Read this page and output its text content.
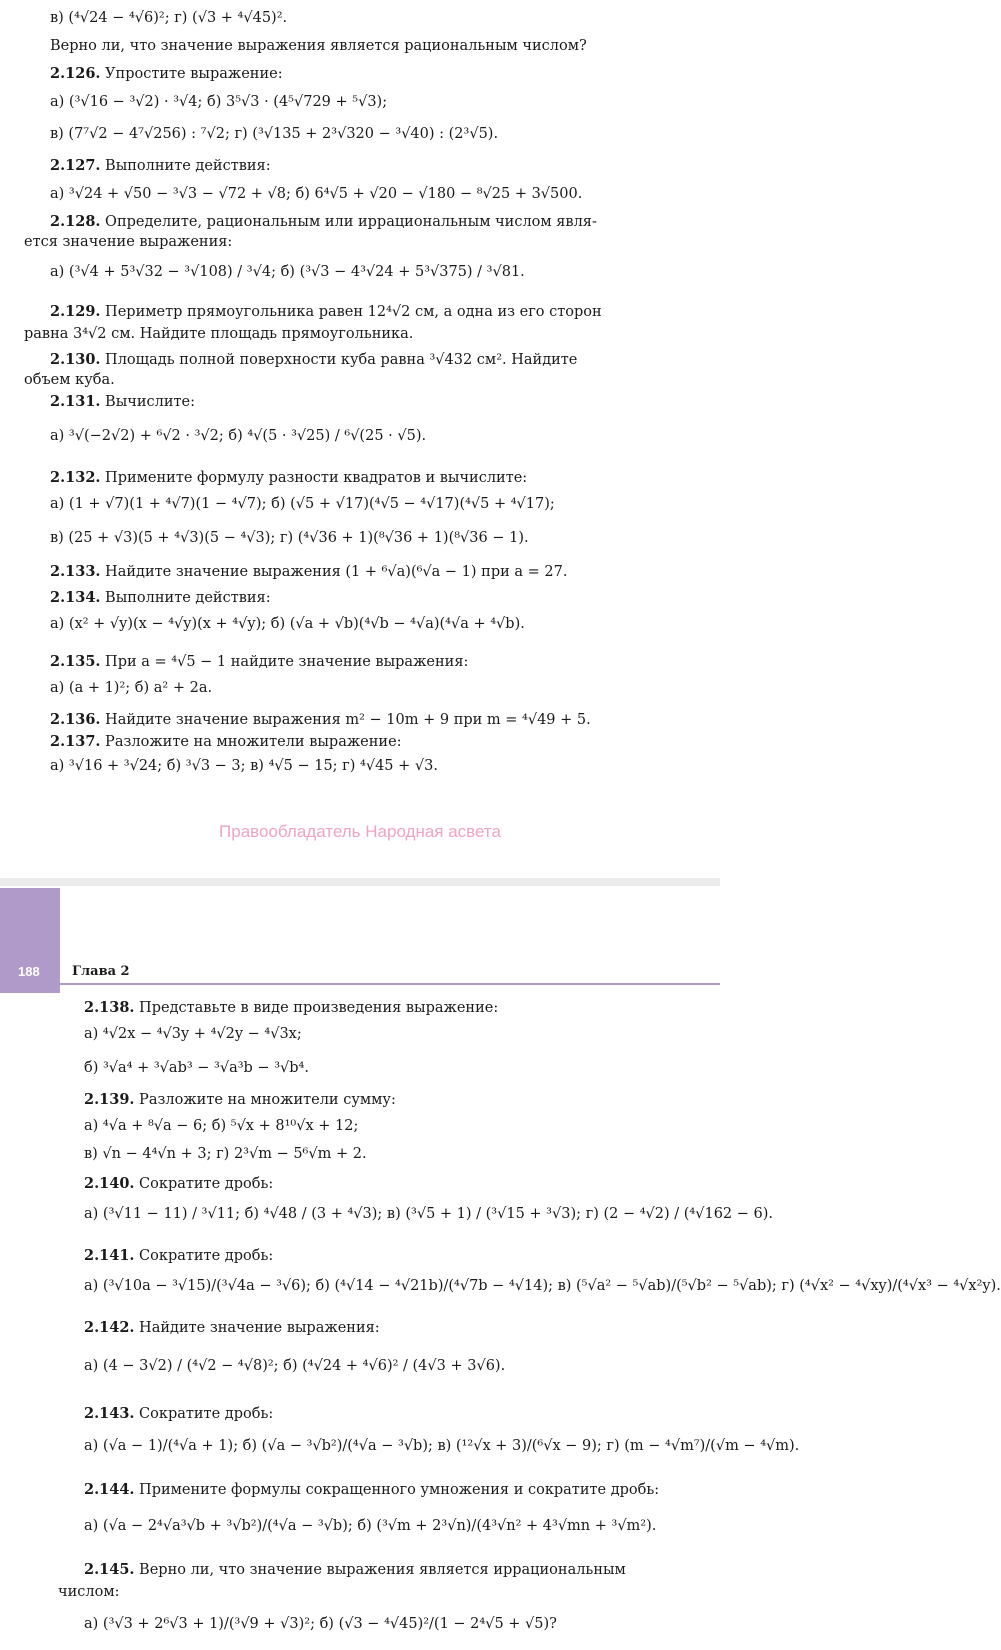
в) (⁴√24 − ⁴√6)²; г) (√3 + ⁴√45)².
Верно ли, что значение выражения является рациональным числом?
2.126. Упростите выражение:
а) (³√16 − ³√2) · ³√4; б) 3⁵√3 · (4⁵√729 + ⁵√3);
в) (7⁷√2 − 4⁷√256) : ⁷√2; г) (³√135 + 2³√320 − ³√40) : (2³√5).
2.127. Выполните действия:
а) ³√24 + √50 − ³√3 − √72 + √8; б) 6⁴√5 + √20 − √180 − ⁸√25 + 3√500.
2.128. Определите, рациональным или иррациональным числом явля-
ется значение выражения:
а) (³√4 + 5³√32 − ³√108) / ³√4; б) (³√3 − 4³√24 + 5³√375) / ³√81.
2.129. Периметр прямоугольника равен 12⁴√2 см, а одна из его сторон
равна 3⁴√2 см. Найдите площадь прямоугольника.
2.130. Площадь полной поверхности куба равна ³√432 см². Найдите
объем куба.
2.131. Вычислите:
а) ³√(−2√2) + ⁶√2 · ³√2; б) ⁴√(5 · ³√25) / ⁶√(25 · √5).
2.132. Примените формулу разности квадратов и вычислите:
а) (1 + √7)(1 + ⁴√7)(1 − ⁴√7); б) (√5 + √17)(⁴√5 − ⁴√17)(⁴√5 + ⁴√17);
в) (25 + √3)(5 + ⁴√3)(5 − ⁴√3); г) (⁴√36 + 1)(⁸√36 + 1)(⁸√36 − 1).
2.133. Найдите значение выражения (1 + ⁶√a)(⁶√a − 1) при a = 27.
2.134. Выполните действия:
а) (x² + √y)(x − ⁴√y)(x + ⁴√y); б) (√a + √b)(⁴√b − ⁴√a)(⁴√a + ⁴√b).
2.135. При a = ⁴√5 − 1 найдите значение выражения:
а) (a + 1)²; б) a² + 2a.
2.136. Найдите значение выражения m² − 10m + 9 при m = ⁴√49 + 5.
2.137. Разложите на множители выражение:
а) ³√16 + ³√24; б) ³√3 − 3; в) ⁴√5 − 15; г) ⁴√45 + √3.
188 Глава 2
2.138. Представьте в виде произведения выражение:
а) ⁴√2x − ⁴√3y + ⁴√2y − ⁴√3x;
б) ³√a⁴ + ³√ab³ − ³√a³b − ³√b⁴.
2.139. Разложите на множители сумму:
а) ⁴√a + ⁸√a − 6; б) ⁵√x + 8¹⁰√x + 12;
в) √n − 4⁴√n + 3; г) 2³√m − 5⁶√m + 2.
2.140. Сократите дробь:
а) (³√11 − 11) / ³√11; б) ⁴√48 / (3 + ⁴√3); в) (³√5 + 1) / (³√15 + ³√3); г) (2 − ⁴√2) / (⁴√162 − 6).
2.141. Сократите дробь:
а) (³√10a − ³√15)/(³√4a − ³√6); б) (⁴√14 − ⁴√21b)/(⁴√7b − ⁴√14); в) (⁵√a² − ⁵√ab)/(⁵√b² − ⁵√ab); г) (⁴√x² − ⁴√xy)/(⁴√x³ − ⁴√x²y).
2.142. Найдите значение выражения:
а) (4 − 3√2) / (⁴√2 − ⁴√8)²; б) (⁴√24 + ⁴√6)² / (4√3 + 3√6).
2.143. Сократите дробь:
а) (√a − 1)/(⁴√a + 1); б) (√a − ³√b²)/(⁴√a − ³√b); в) (¹²√x + 3)/(⁶√x − 9); г) (m − ⁴√m⁷)/(√m − ⁴√m).
2.144. Примените формулы сокращенного умножения и сократите дробь:
а) (√a − 2⁴√a³√b + ³√b²)/(⁴√a − ³√b); б) (³√m + 2³√n)/(4³√n² + 4³√mn + ³√m²).
2.145. Верно ли, что значение выражения является иррациональным
числом:
а) (³√3 + 2⁶√3 + 1)/(³√9 + √3)²; б) (√3 − ⁴√45)²/(1 − 2⁴√5 + √5)?
Правообладатель Народная асвета
